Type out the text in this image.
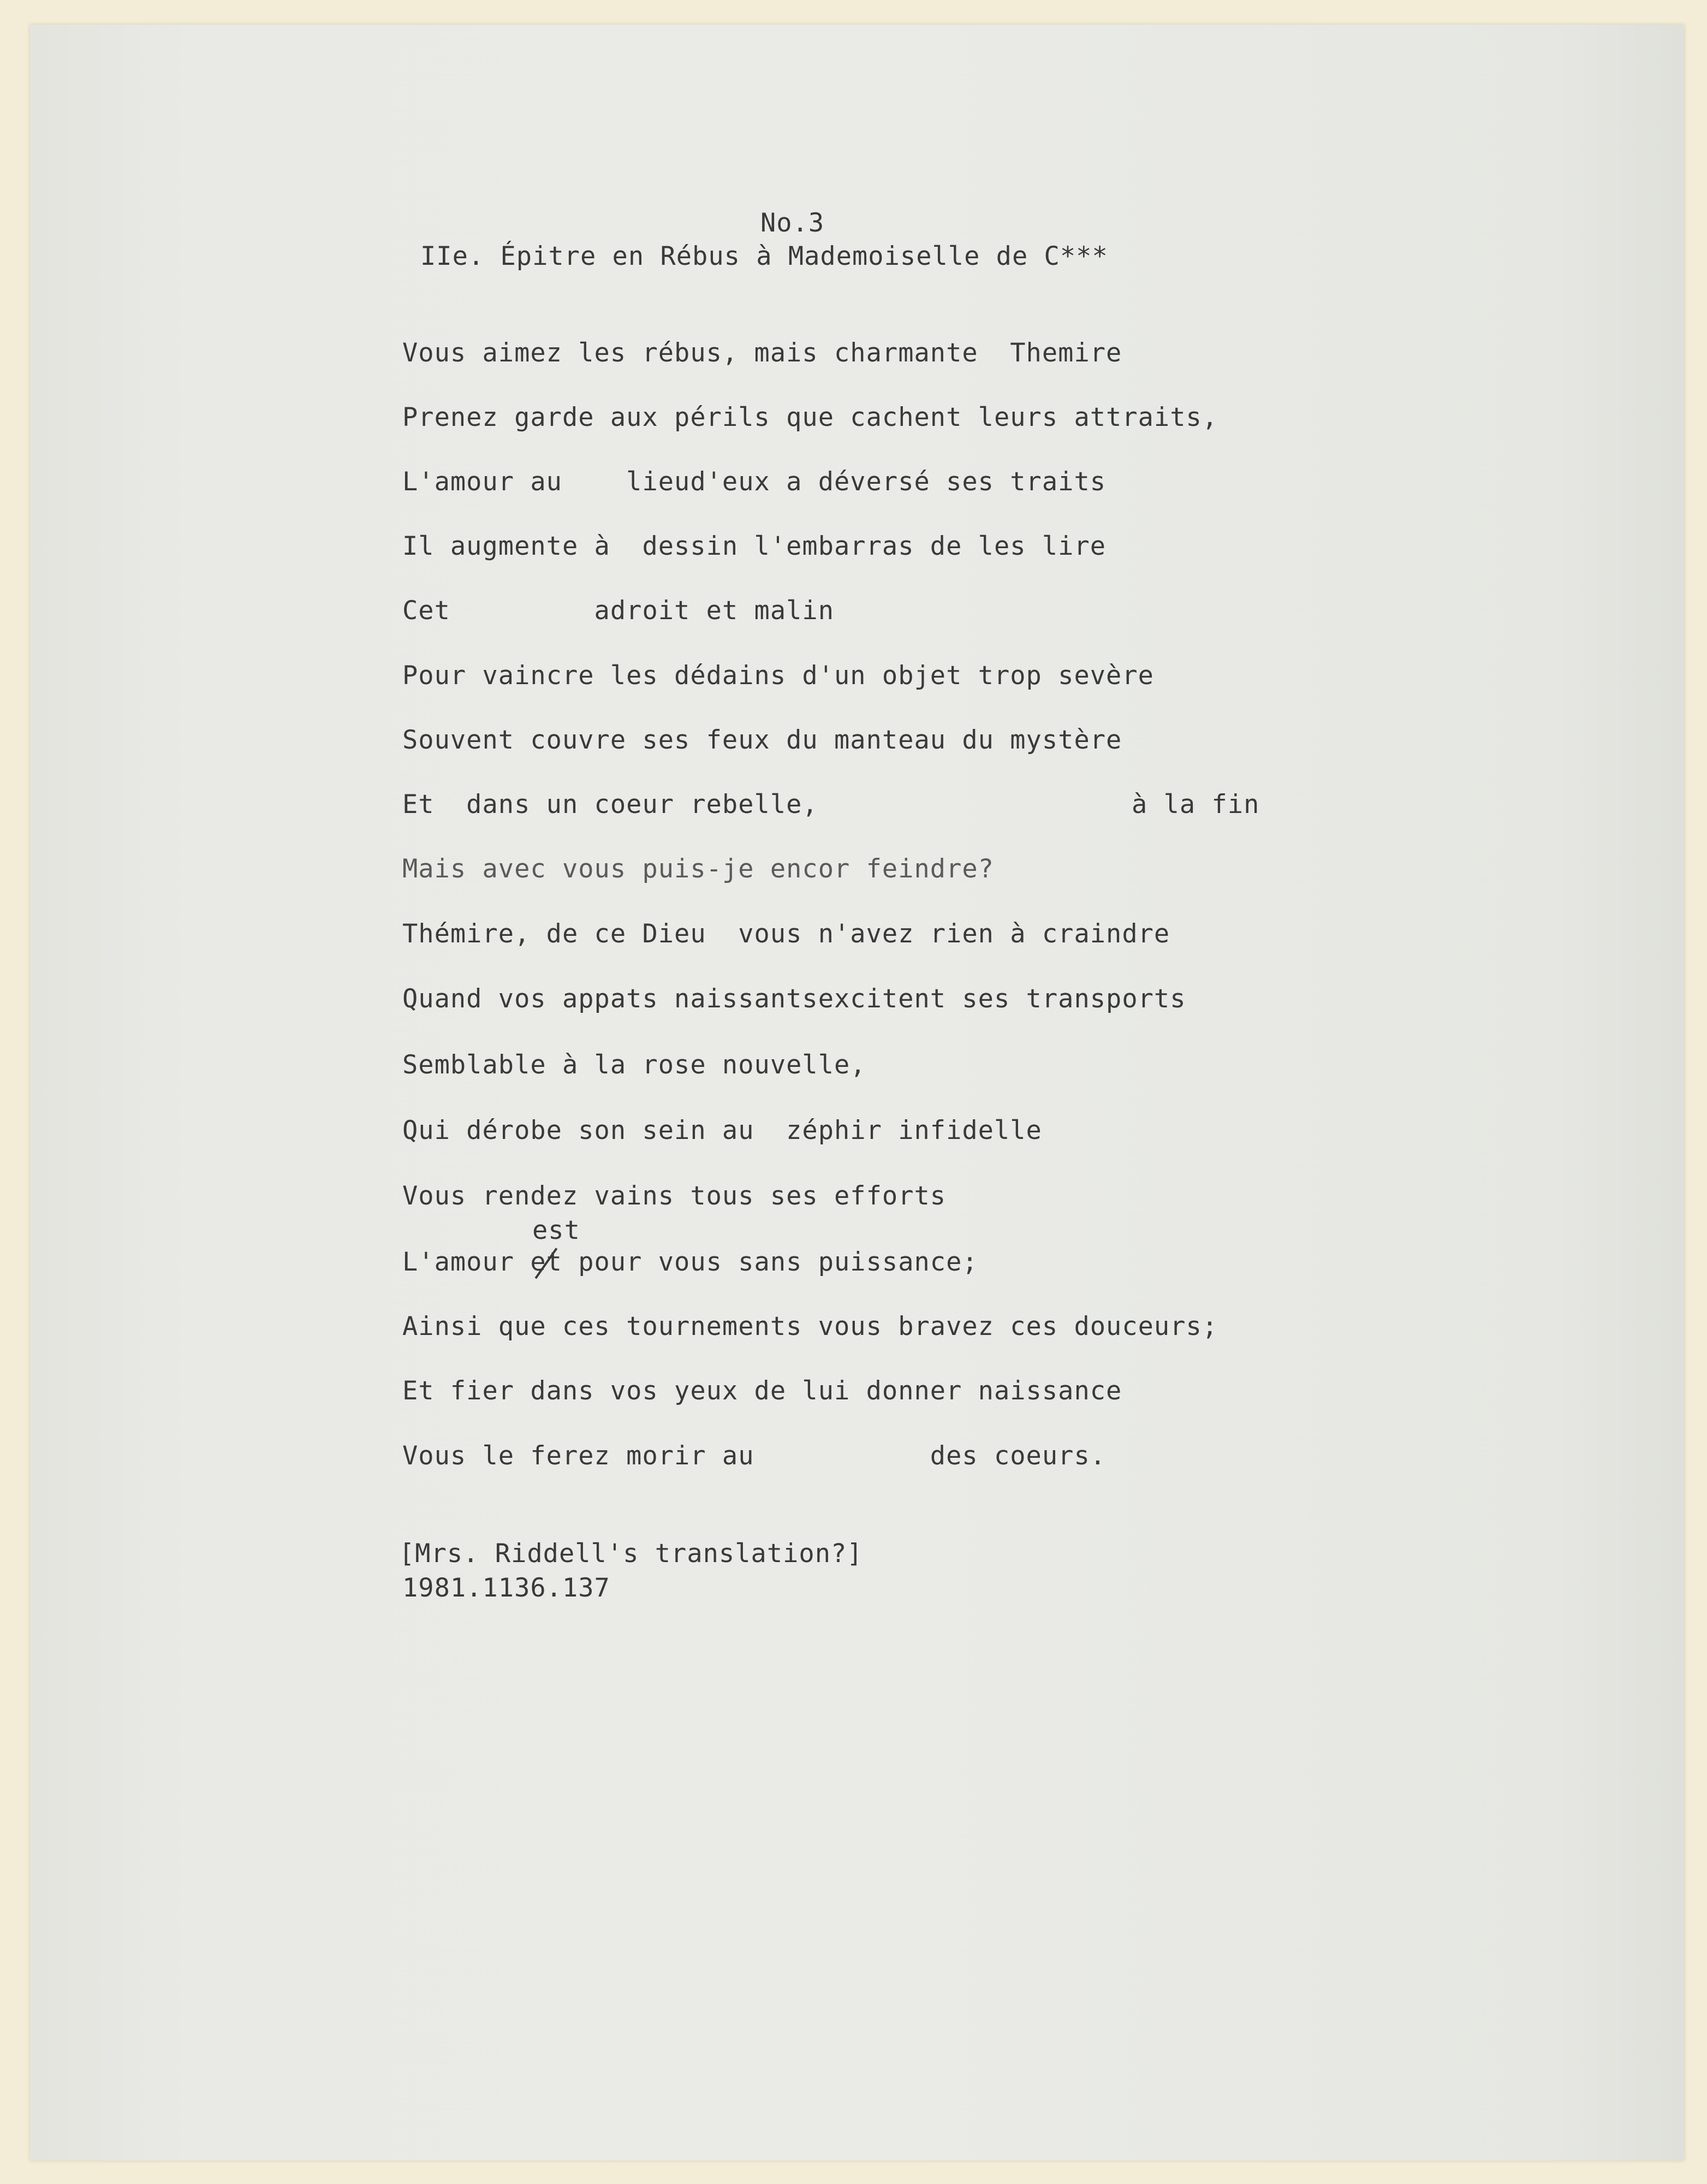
No.3
IIe. Épitre en Rébus à Mademoiselle de C***
Vous aimez les rébus, mais charmante  Themire
Prenez garde aux périls que cachent leurs attraits,
L'amour au    lieud'eux a déversé ses traits
Il augmente à  dessin l'embarras de les lire
Cet         adroit et malin
Pour vaincre les dédains d'un objet trop sevère
Souvent couvre ses feux du manteau du mystère
Et  dans un coeur rebelle,	à la fin
Mais avec vous puis-je encor feindre?
Thémire, de ce Dieu  vous n'avez rien à craindre
Quand vos appats naissantsexcitent ses transports
Semblable à la rose nouvelle,
Qui dérobe son sein au  zéphir infidelle
Vous rendez vains tous ses efforts
est
L'amour et pour vous sans puissance;
Ainsi que ces tournements vous bravez ces douceurs;
Et fier dans vos yeux de lui donner naissance
Vous le ferez morir au           des coeurs.
[Mrs. Riddell's translation?]
1981.1136.137
